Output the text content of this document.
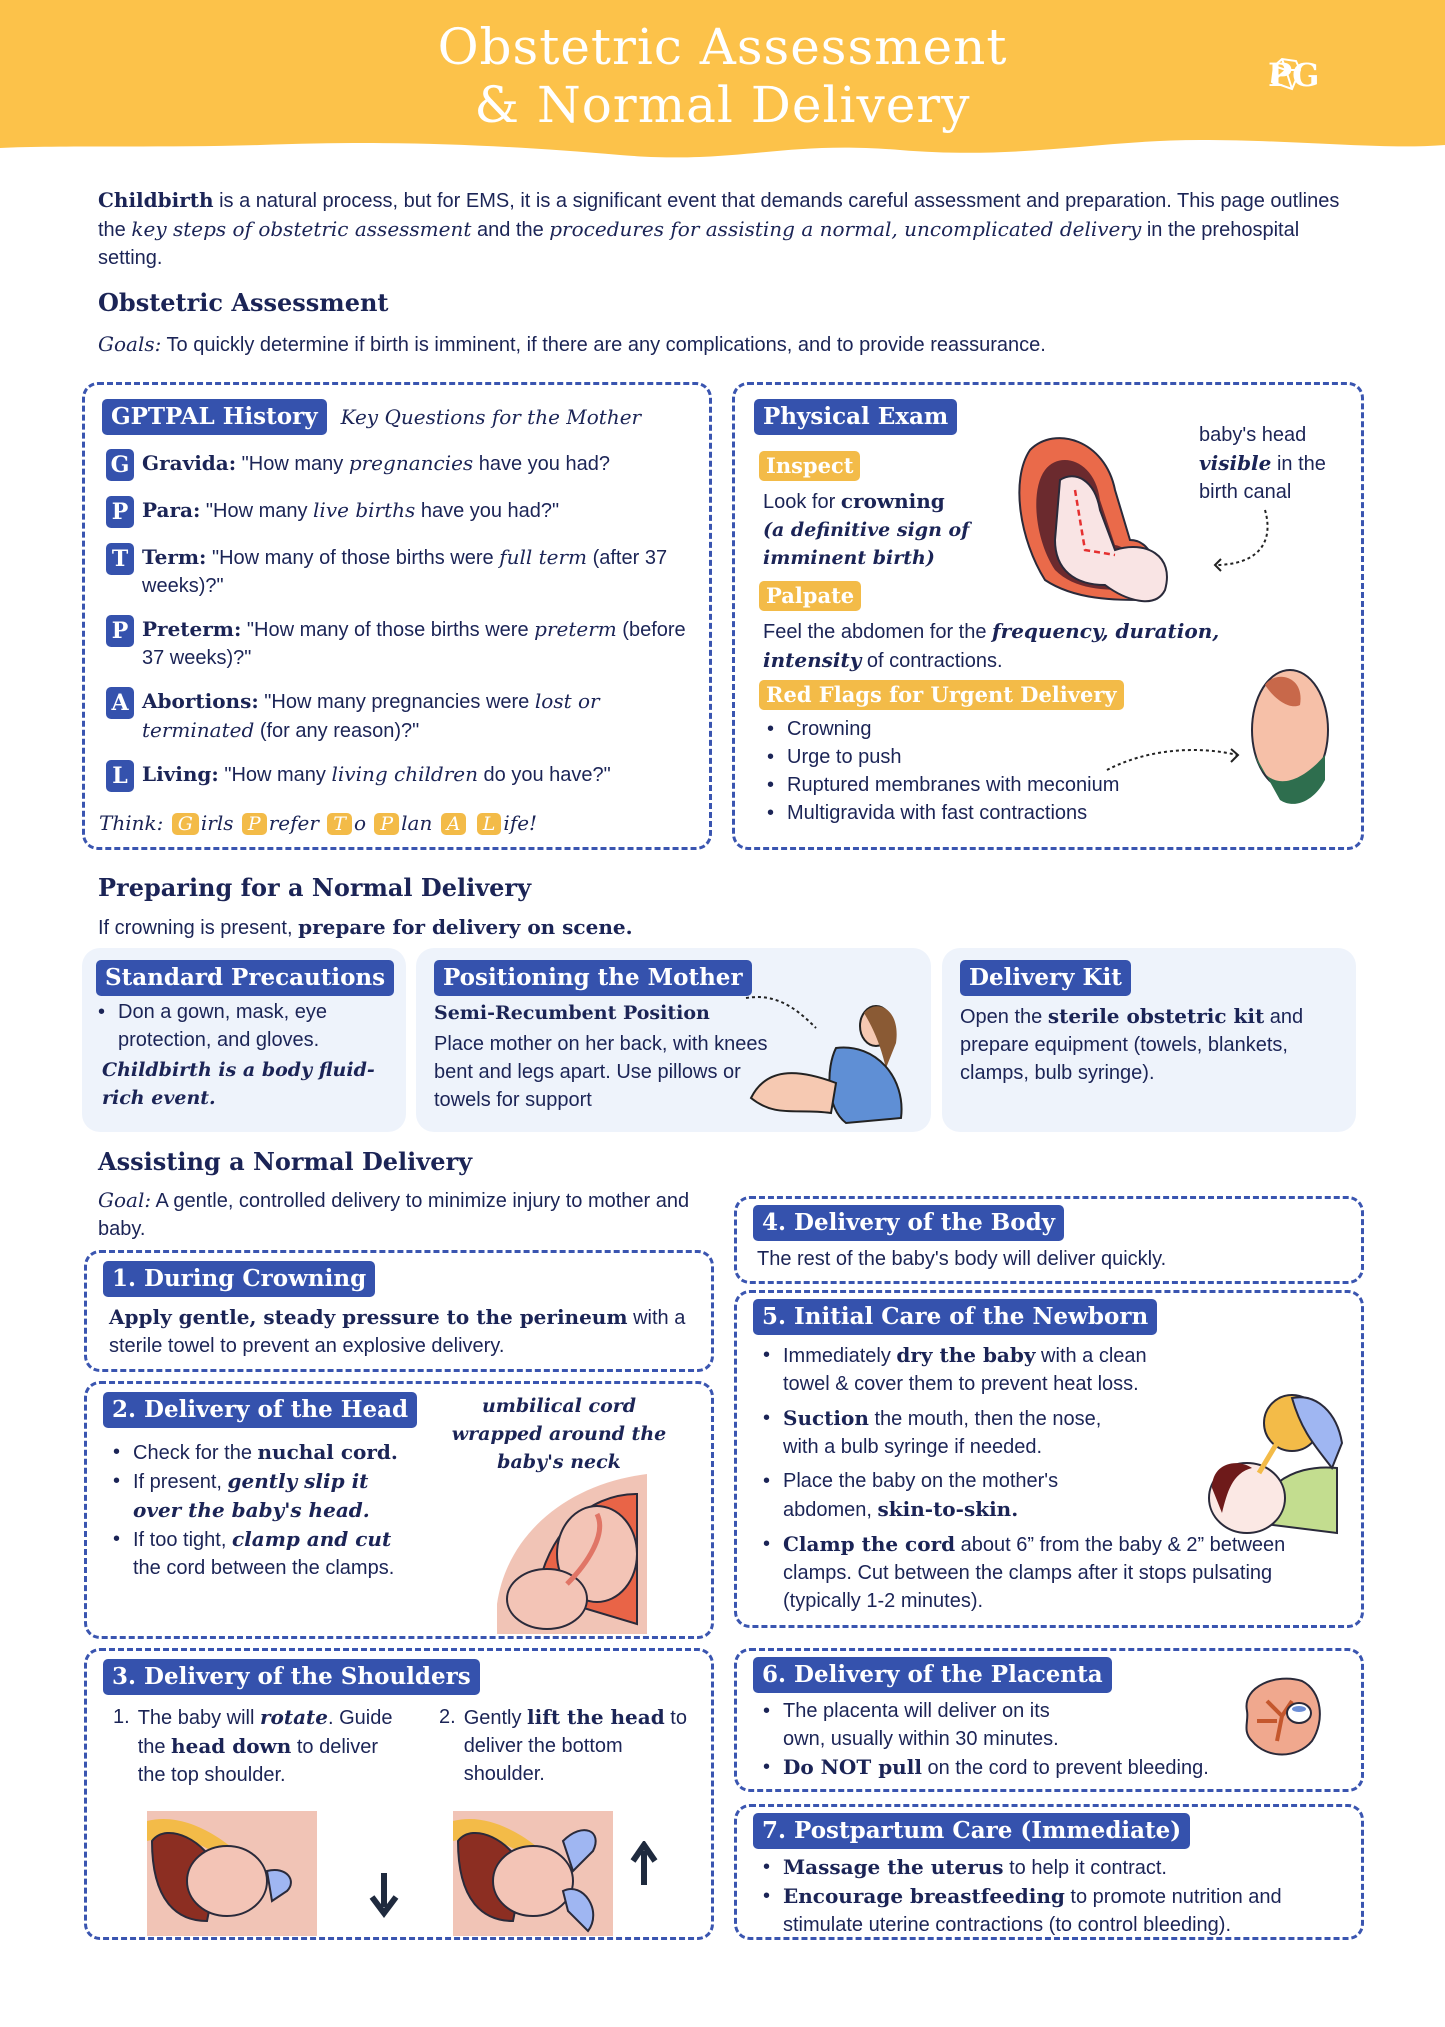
Obstetric Assessment
& Normal Delivery
PG
Childbirth is a natural process, but for EMS, it is a significant event that demands careful assessment and preparation. This page outlines the key steps of obstetric assessment and the procedures for assisting a normal, uncomplicated delivery in the prehospital setting.
Obstetric Assessment
Goals: To quickly determine if birth is imminent, if there are any complications, and to provide reassurance.
GPTPAL History	Key Questions for the Mother
G Gravida: "How many pregnancies have you had?
P Para: "How many live births have you had?"
T Term: "How many of those births were full term (after 37 weeks)?"
P Preterm: "How many of those births were preterm (before 37 weeks)?"
A Abortions: "How many pregnancies were lost or terminated (for any reason)?"
L Living: "How many living children do you have?"
Think: G irls P refer T o P lan A L ife!
Physical Exam
Inspect
Look for crowning
(a definitive sign of imminent birth)
baby's head visible in the birth canal
Palpate
Feel the abdomen for the frequency, duration, intensity of contractions.
Red Flags for Urgent Delivery
• Crowning
• Urge to push
• Ruptured membranes with meconium
• Multigravida with fast contractions
Preparing for a Normal Delivery
If crowning is present, prepare for delivery on scene.
Standard Precautions
• Don a gown, mask, eye protection, and gloves.
Childbirth is a body fluid-rich event.
Positioning the Mother
Semi-Recumbent Position
Place mother on her back, with knees bent and legs apart. Use pillows or towels for support
Delivery Kit
Open the sterile obstetric kit and prepare equipment (towels, blankets, clamps, bulb syringe).
Assisting a Normal Delivery
Goal: A gentle, controlled delivery to minimize injury to mother and baby.
1. During Crowning
Apply gentle, steady pressure to the perineum with a sterile towel to prevent an explosive delivery.
2. Delivery of the Head	umbilical cord wrapped around the baby's neck
• Check for the nuchal cord.
• If present, gently slip it over the baby's head.
• If too tight, clamp and cut the cord between the clamps.
3. Delivery of the Shoulders
1. The baby will rotate. Guide the head down to deliver the top shoulder.
2. Gently lift the head to deliver the bottom shoulder.
4. Delivery of the Body
The rest of the baby's body will deliver quickly.
5. Initial Care of the Newborn
• Immediately dry the baby with a clean towel & cover them to prevent heat loss.
• Suction the mouth, then the nose, with a bulb syringe if needed.
• Place the baby on the mother's abdomen, skin-to-skin.
• Clamp the cord about 6” from the baby & 2” between clamps. Cut between the clamps after it stops pulsating (typically 1-2 minutes).
6. Delivery of the Placenta
• The placenta will deliver on its own, usually within 30 minutes.
• Do NOT pull on the cord to prevent bleeding.
7. Postpartum Care (Immediate)
• Massage the uterus to help it contract.
• Encourage breastfeeding to promote nutrition and stimulate uterine contractions (to control bleeding).
